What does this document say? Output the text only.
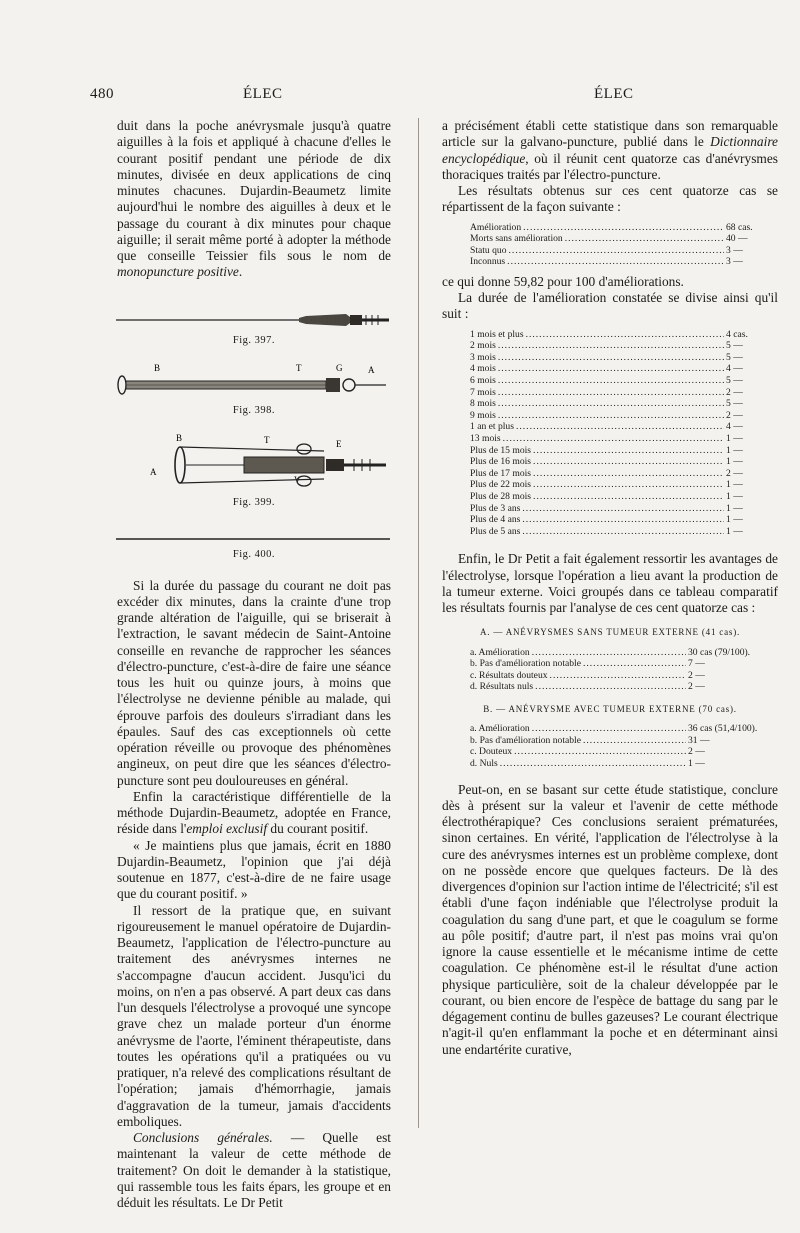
480	ÉLEC	ÉLEC

duit dans la poche anévrysmale jusqu'à quatre aiguilles à la fois et appliqué à chacune d'elles le courant positif pendant une période de dix minutes, divisée en deux applications de cinq minutes chacunes. Dujardin-Beaumetz limite aujourd'hui le nombre des aiguilles à deux et le passage du courant à dix minutes pour chaque aiguille; il serait même porté à adopter la méthode que conseille Teissier fils sous le nom de monopuncture positive.

Fig. 397.
B	T	G	A
Fig. 398.
B	T	E
A
Fig. 399.
Fig. 400.

Si la durée du passage du courant ne doit pas excéder dix minutes, dans la crainte d'une trop grande altération de l'aiguille, qui se briserait à l'extraction, le savant médecin de Saint-Antoine conseille en revanche de rapprocher les séances d'électro-puncture, c'est-à-dire de faire une séance tous les huit ou quinze jours, à moins que l'électrolyse ne devienne pénible au malade, qui éprouve parfois des douleurs s'irradiant dans les épaules. Sauf des cas exceptionnels où cette opération réveille ou provoque des phénomènes angineux, on peut dire que les séances d'électro-puncture sont peu douloureuses en général.

Enfin la caractéristique différentielle de la méthode Dujardin-Beaumetz, adoptée en France, réside dans l'emploi exclusif du courant positif.

« Je maintiens plus que jamais, écrit en 1880 Dujardin-Beaumetz, l'opinion que j'ai déjà soutenue en 1877, c'est-à-dire de ne faire usage que du courant positif. »

Il ressort de la pratique que, en suivant rigoureusement le manuel opératoire de Dujardin-Beaumetz, l'application de l'électro-puncture au traitement des anévrysmes internes ne s'accompagne d'aucun accident. Jusqu'ici du moins, on n'en a pas observé. A part deux cas dans l'un desquels l'électrolyse a provoqué une syncope grave chez un malade porteur d'un énorme anévrysme de l'aorte, l'éminent thérapeutiste, dans toutes les opérations qu'il a pratiquées ou vu pratiquer, n'a relevé des complications résultant de l'opération; jamais d'hémorrhagie, jamais d'aggravation de la tumeur, jamais d'accidents emboliques.

Conclusions générales. — Quelle est maintenant la valeur de cette méthode de traitement? On doit le demander à la statistique, qui rassemble tous les faits épars, les groupe et en déduit les résultats. Le Dr Petit

a précisément établi cette statistique dans son remarquable article sur la galvano-puncture, publié dans le Dictionnaire encyclopédique, où il réunit cent quatorze cas d'anévrysmes thoraciques traités par l'électro-puncture.

Les résultats obtenus sur ces cent quatorze cas se répartissent de la façon suivante :

Amélioration .....	68 cas.
Morts sans amélioration .....	40 —
Statu quo .....	3 —
Inconnus .....	3 —

ce qui donne 59,82 pour 100 d'améliorations.

La durée de l'amélioration constatée se divise ainsi qu'il suit :

1 mois et plus .....	4 cas.
2 mois .....	5 —
3 mois .....	5 —
4 mois .....	4 —
6 mois .....	5 —
7 mois .....	2 —
8 mois .....	5 —
9 mois .....	2 —
1 an et plus .....	4 —
13 mois .....	1 —
Plus de 15 mois .....	1 —
Plus de 16 mois .....	1 —
Plus de 17 mois .....	2 —
Plus de 22 mois .....	1 —
Plus de 28 mois .....	1 —
Plus de 3 ans .....	1 —
Plus de 4 ans .....	1 —
Plus de 5 ans .....	1 —

Enfin, le Dr Petit a fait également ressortir les avantages de l'électrolyse, lorsque l'opération a lieu avant la production de la tumeur externe. Voici groupés dans ce tableau comparatif les résultats fournis par l'analyse de ces cent quatorze cas :

A. — ANÉVRYSMES SANS TUMEUR EXTERNE (41 cas).
a. Amélioration .....	30 cas (79/100).
b. Pas d'amélioration notable .....	7 —
c. Résultats douteux .....	2 —
d. Résultats nuls .....	2 —
B. — ANÉVRYSME AVEC TUMEUR EXTERNE (70 cas).
a. Amélioration .....	36 cas (51,4/100).
b. Pas d'amélioration notable .....	31 —
c. Douteux .....	2 —
d. Nuls .....	1 —

Peut-on, en se basant sur cette étude statistique, conclure dès à présent sur la valeur et l'avenir de cette méthode électrothérapique? Ces conclusions seraient prématurées, sinon certaines. En vérité, l'application de l'électrolyse à la cure des anévrysmes internes est un problème complexe, dont on ne possède encore que quelques facteurs. De là des divergences d'opinion sur l'action intime de l'électricité; s'il est établi d'une façon indéniable que l'électrolyse produit la coagulation du sang d'une part, et que le coagulum se forme au pôle positif; d'autre part, il n'est pas moins vrai qu'on ignore la cause essentielle et le mécanisme intime de cette coagulation. Ce phénomène est-il le résultat d'une action physique particulière, soit de la chaleur développée par le courant, ou bien encore de l'espèce de battage du sang par le dégagement continu de bulles gazeuses? Le courant électrique n'agit-il qu'en enflammant la poche et en déterminant ainsi une endartérite curative,
